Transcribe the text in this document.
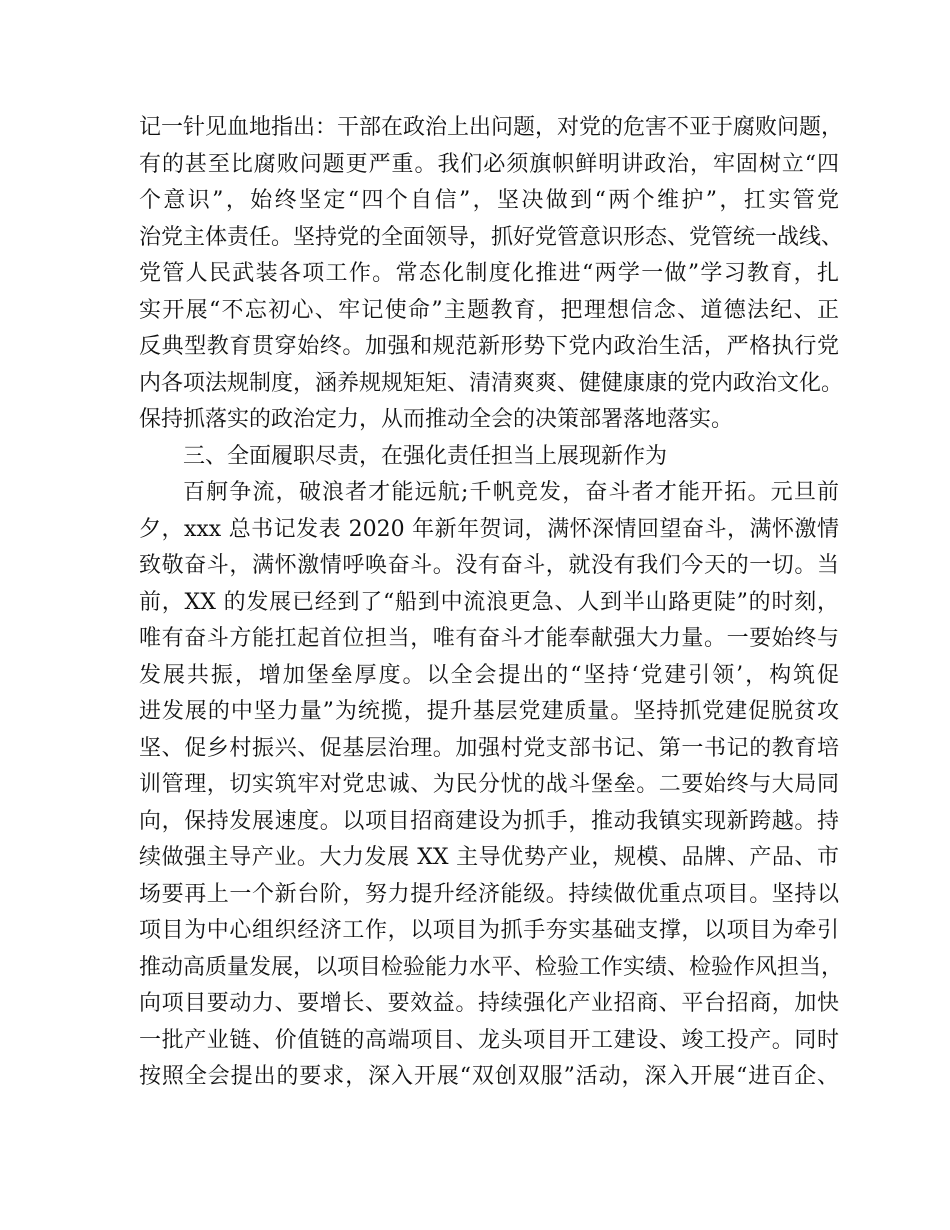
记一针见血地指出：干部在政治上出问题，对党的危害不亚于腐败问题，
有的甚至比腐败问题更严重。我们必须旗帜鲜明讲政治，牢固树立“四
个意识”，始终坚定“四个自信”，坚决做到“两个维护”，扛实管党
治党主体责任。坚持党的全面领导，抓好党管意识形态、党管统一战线、
党管人民武装各项工作。常态化制度化推进“两学一做”学习教育，扎
实开展“不忘初心、牢记使命”主题教育，把理想信念、道德法纪、正
反典型教育贯穿始终。加强和规范新形势下党内政治生活，严格执行党
内各项法规制度，涵养规规矩矩、清清爽爽、健健康康的党内政治文化。
保持抓落实的政治定力，从而推动全会的决策部署落地落实。
三、全面履职尽责，在强化责任担当上展现新作为
百舸争流，破浪者才能远航;千帆竞发，奋斗者才能开拓。元旦前
夕，xxx 总书记发表 2020 年新年贺词，满怀深情回望奋斗，满怀激情
致敬奋斗，满怀激情呼唤奋斗。没有奋斗，就没有我们今天的一切。当
前，XX 的发展已经到了“船到中流浪更急、人到半山路更陡”的时刻，
唯有奋斗方能扛起首位担当，唯有奋斗才能奉献强大力量。一要始终与
发展共振，增加堡垒厚度。以全会提出的“坚持‘党建引领’，构筑促
进发展的中坚力量”为统揽，提升基层党建质量。坚持抓党建促脱贫攻
坚、促乡村振兴、促基层治理。加强村党支部书记、第一书记的教育培
训管理，切实筑牢对党忠诚、为民分忧的战斗堡垒。二要始终与大局同
向，保持发展速度。以项目招商建设为抓手，推动我镇实现新跨越。持
续做强主导产业。大力发展 XX 主导优势产业，规模、品牌、产品、市
场要再上一个新台阶，努力提升经济能级。持续做优重点项目。坚持以
项目为中心组织经济工作，以项目为抓手夯实基础支撑，以项目为牵引
推动高质量发展，以项目检验能力水平、检验工作实绩、检验作风担当，
向项目要动力、要增长、要效益。持续强化产业招商、平台招商，加快
一批产业链、价值链的高端项目、龙头项目开工建设、竣工投产。同时
按照全会提出的要求，深入开展“双创双服”活动，深入开展“进百企、
